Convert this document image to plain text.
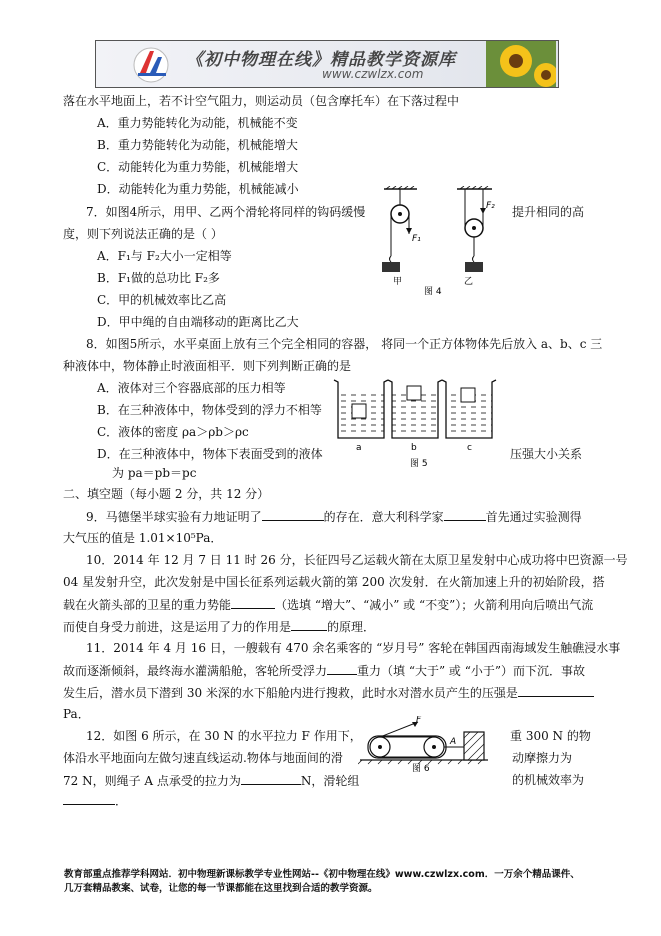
《初中物理在线》精品教学资源库
www.czwlzx.com
落在水平地面上，若不计空气阻力，则运动员（包含摩托车）在下落过程中
A．重力势能转化为动能，机械能不变
B．重力势能转化为动能，机械能增大
C．动能转化为重力势能，机械能增大
D．动能转化为重力势能，机械能减小
7．如图4所示，用甲、乙两个滑轮将同样的钩码缓慢	提升相同的高
度，则下列说法正确的是（ ）
A．F₁与 F₂大小一定相等
B．F₁做的总功比 F₂多
C．甲的机械效率比乙高
D．甲中绳的自由端移动的距离比乙大
F₁
甲
F₂
乙
图 4
8．如图5所示，水平桌面上放有三个完全相同的容器， 将同一个正方体物体先后放入 a、b、c 三
种液体中，物体静止时液面相平．则下列判断正确的是
A．液体对三个容器底部的压力相等
B．在三种液体中，物体受到的浮力不相等
C．液体的密度 ρa＞ρb＞ρc
D．在三种液体中，物体下表面受到的液体	压强大小关系
为 pa＝pb＝pc
a	b	c
图 5
二、填空题（每小题 2 分，共 12 分）
9．马德堡半球实验有力地证明了	的存在．意大利科学家	首先通过实验测得
大气压的值是 1.01×10⁵Pa．
10．2014 年 12 月 7 日 11 时 26 分，长征四号乙运载火箭在太原卫星发射中心成功将中巴资源一号
04 星发射升空，此次发射是中国长征系列运载火箭的第 200 次发射．在火箭加速上升的初始阶段，搭
载在火箭头部的卫星的重力势能	（选填 “增大”、“减小” 或 “不变”）；火箭利用向后喷出气流
而使自身受力前进，这是运用了力的作用是	的原理．
11．2014 年 4 月 16 日，一艘载有 470 余名乘客的 “岁月号” 客轮在韩国西南海域发生触礁浸水事
故而逐渐倾斜，最终海水灌满船舱，客轮所受浮力	重力（填 “大于” 或 “小于”）而下沉．事故
发生后，潜水员下潜到 30 米深的水下船舱内进行搜救，此时水对潜水员产生的压强是
Pa．
12．如图 6 所示，在 30 N 的水平拉力 F 作用下，	重 300 N 的物
体沿水平地面向左做匀速直线运动.物体与地面间的滑	动摩擦力为
72 N，则绳子 A 点承受的拉力为	N，滑轮组	的机械效率为
．
F
A
图 6
教育部重点推荐学科网站．初中物理新课标教学专业性网站--《初中物理在线》www.czwlzx.com．一万余个精品课件、
几万套精品教案、试卷，让您的每一节课都能在这里找到合适的教学资源。
